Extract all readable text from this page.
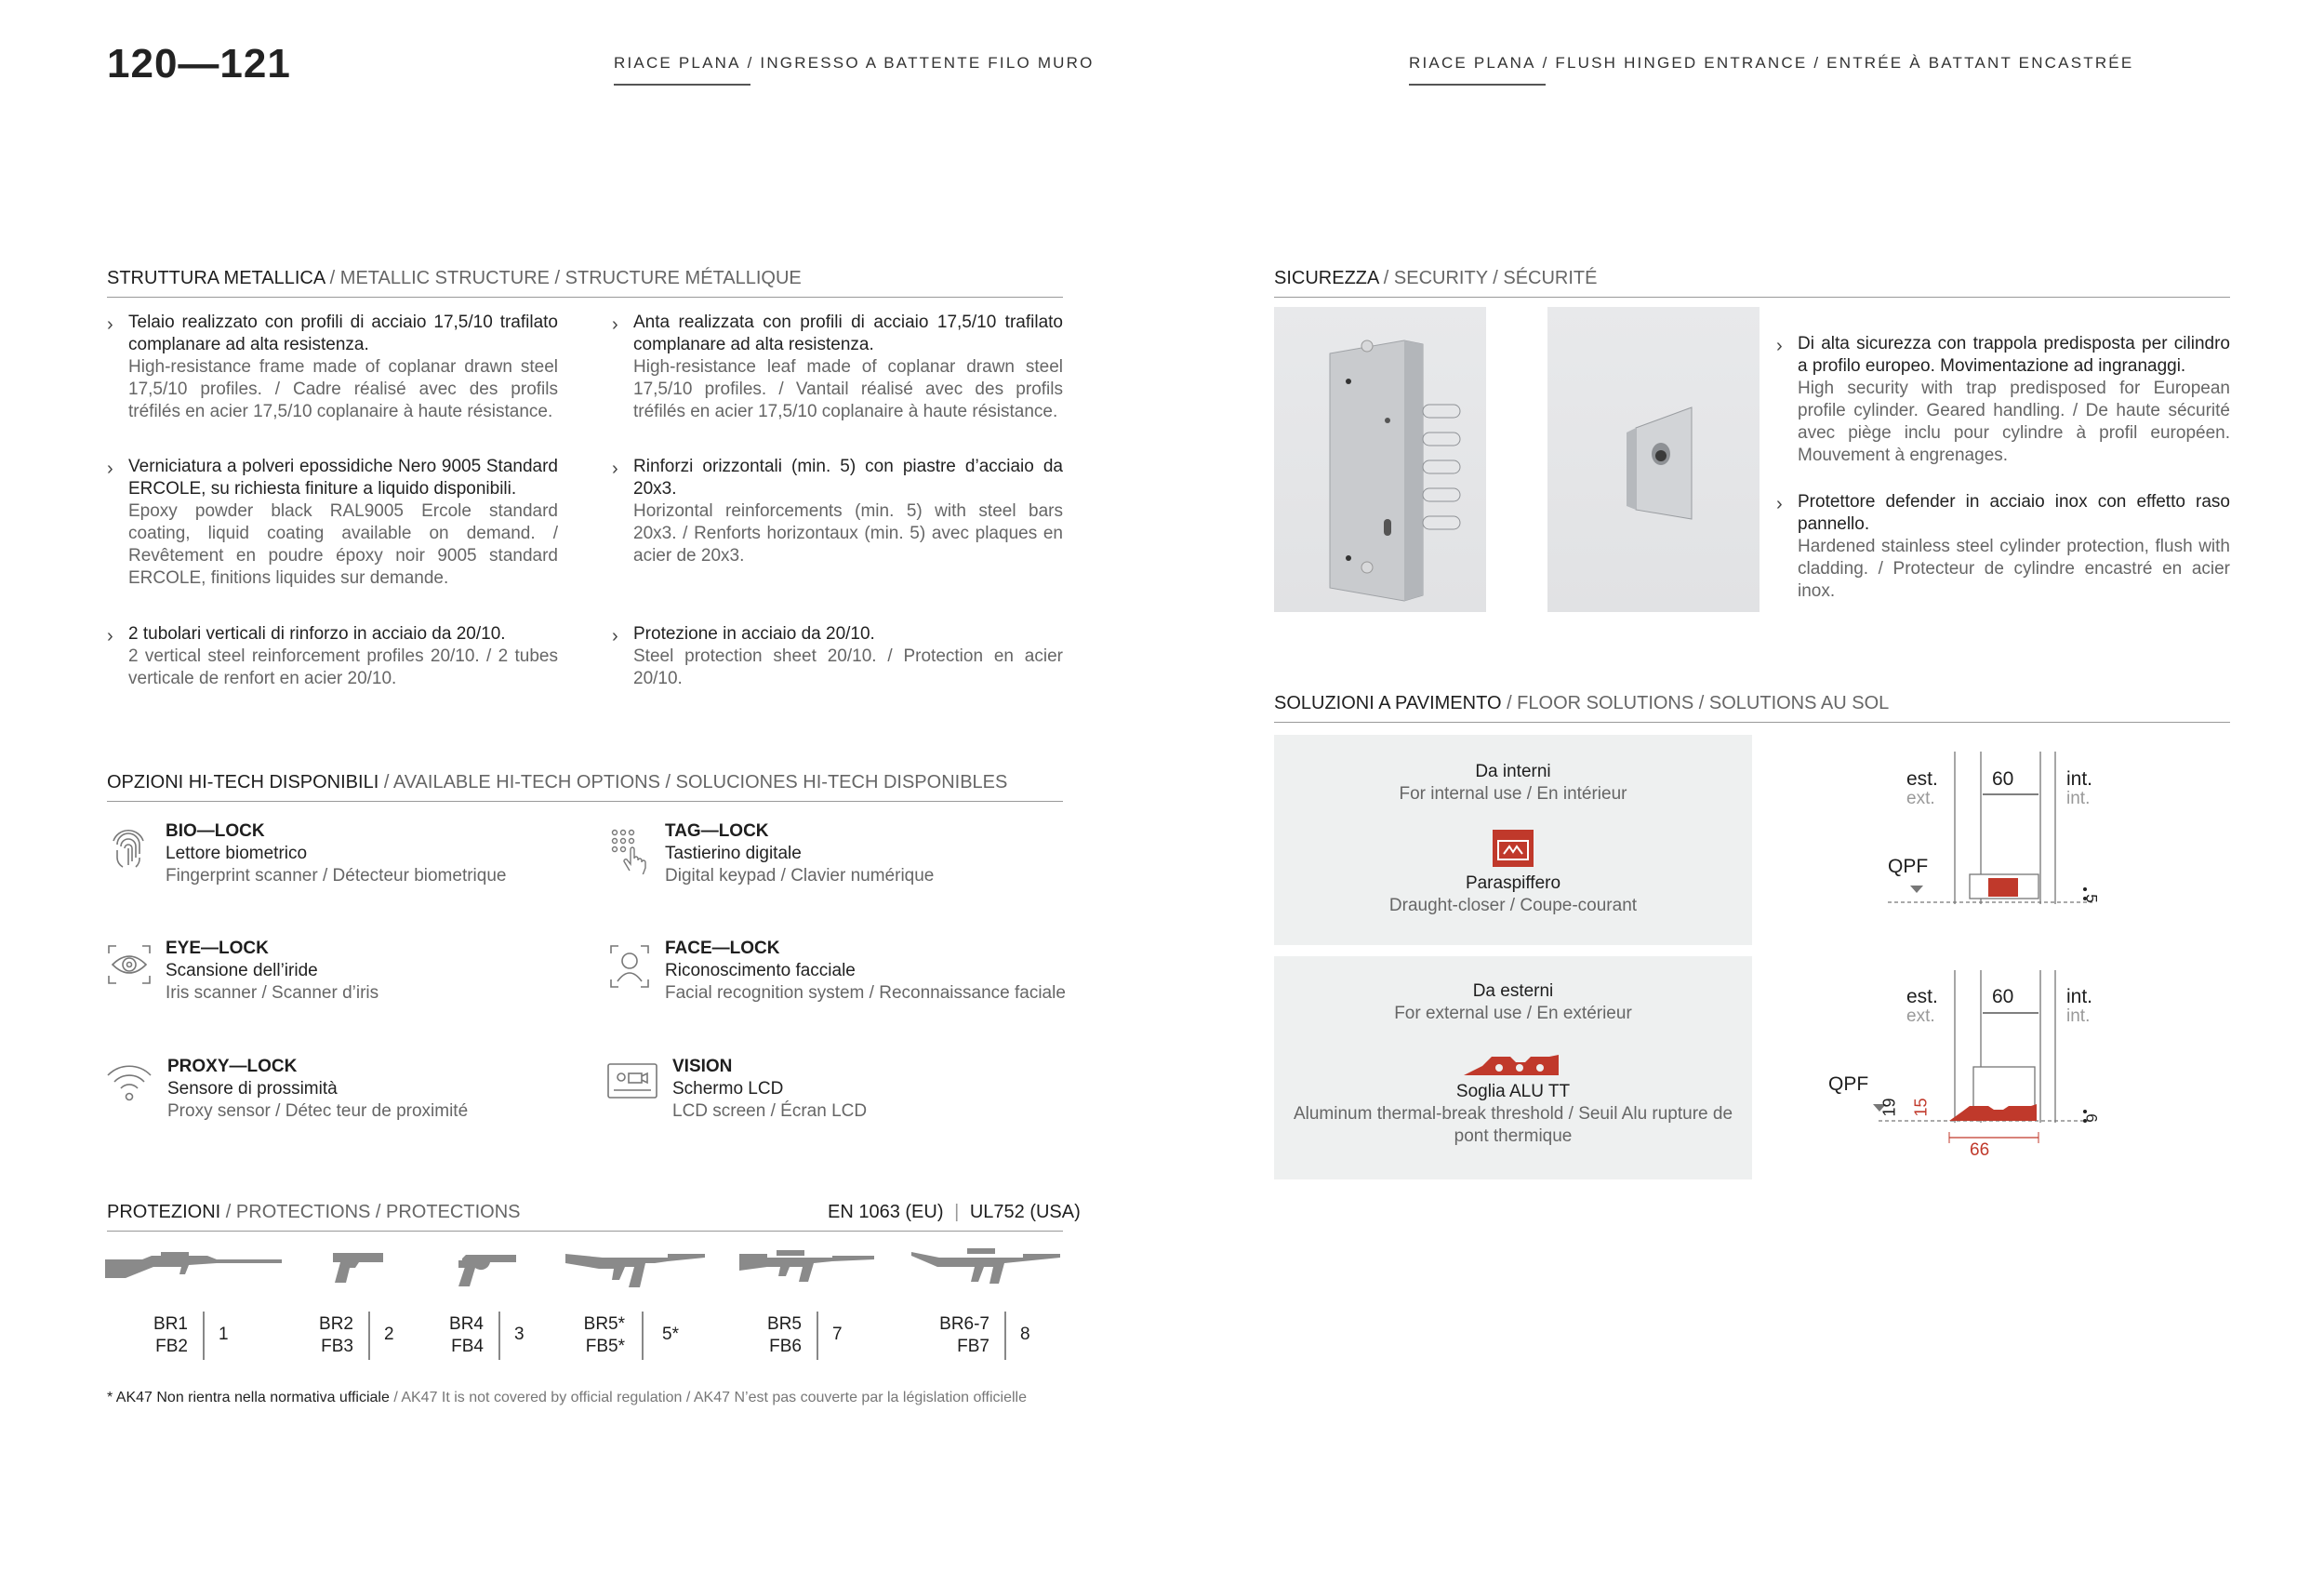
120—121	RIACE PLANA / INGRESSO A BATTENTE FILO MURO	RIACE PLANA / FLUSH HINGED ENTRANCE / ENTRÉE À BATTANT ENCASTRÉE
STRUTTURA METALLICA / METALLIC STRUCTURE / STRUCTURE MÉTALLIQUE
› Telaio realizzato con profili di acciaio 17,5/10 trafilato complanare ad alta resistenza.
High-resistance frame made of coplanar drawn steel 17,5/10 profiles. / Cadre réalisé avec des profils tréfilés en acier 17,5/10 coplanaire à haute résistance.
› Anta realizzata con profili di acciaio 17,5/10 trafilato complanare ad alta resistenza.
High-resistance leaf made of coplanar drawn steel 17,5/10 profiles. / Vantail réalisé avec des profils tréfilés en acier 17,5/10 coplanaire à haute résistance.
› Verniciatura a polveri epossidiche Nero 9005 Standard ERCOLE, su richiesta finiture a liquido disponibili.
Epoxy powder black RAL9005 Ercole standard coating, liquid coating available on demand. / Revêtement en poudre époxy noir 9005 standard ERCOLE, finitions liquides sur demande.
› Rinforzi orizzontali (min. 5) con piastre d’acciaio da 20x3.
Horizontal reinforcements (min. 5) with steel bars 20x3. / Renforts horizontaux (min. 5) avec plaques en acier de 20x3.
› 2 tubolari verticali di rinforzo in acciaio da 20/10.
2 vertical steel reinforcement profiles 20/10. / 2 tubes verticale de renfort en acier 20/10.
› Protezione in acciaio da 20/10.
Steel protection sheet 20/10. / Protection en acier 20/10.
OPZIONI HI-TECH DISPONIBILI / AVAILABLE HI-TECH OPTIONS / SOLUCIONES HI-TECH DISPONIBLES
BIO—LOCK
Lettore biometrico
Fingerprint scanner / Détecteur biometrique
TAG—LOCK
Tastierino digitale
Digital keypad / Clavier numérique
EYE—LOCK
Scansione dell’iride
Iris scanner / Scanner d’iris
FACE—LOCK
Riconoscimento facciale
Facial recognition system / Reconnaissance faciale
PROXY—LOCK
Sensore di prossimità
Proxy sensor / Détec teur de proximité
VISION
Schermo LCD
LCD screen / Écran LCD
PROTEZIONI / PROTECTIONS / PROTECTIONS	EN 1063 (EU) | UL752 (USA)
BR1
FB2
1
BR2
FB3
2
BR4
FB4
3
BR5*
FB5*
5*
BR5
FB6
7
BR6-7
FB7
8
* AK47 Non rientra nella normativa ufficiale / AK47 It is not covered by official regulation / AK47 N’est pas couverte par la législation officielle
SICUREZZA / SECURITY / SÉCURITÉ
› Di alta sicurezza con trappola predisposta per cilindro a profilo europeo. Movimentazione ad ingranaggi.
High security with trap predisposed for European profile cylinder. Geared handling. / De haute sécurité avec piège inclu pour cylindre à profil européen. Mouvement à engrenages.
› Protettore defender in acciaio inox con effetto raso pannello.
Hardened stainless steel cylinder protection, flush with cladding. / Protecteur de cylindre encastré en acier inox.
SOLUZIONI A PAVIMENTO / FLOOR SOLUTIONS / SOLUTIONS AU SOL
Da interni
For internal use / En intérieur
Paraspiffero
Draught-closer / Coupe-courant
Da esterni
For external use / En extérieur
Soglia ALU TT
Aluminum thermal-break threshold / Seuil Alu rupture de pont thermique
est.
ext.
int.
int.
60
QPF
5
est.
ext.
int.
int.
60
QPF
19 15
6
66
